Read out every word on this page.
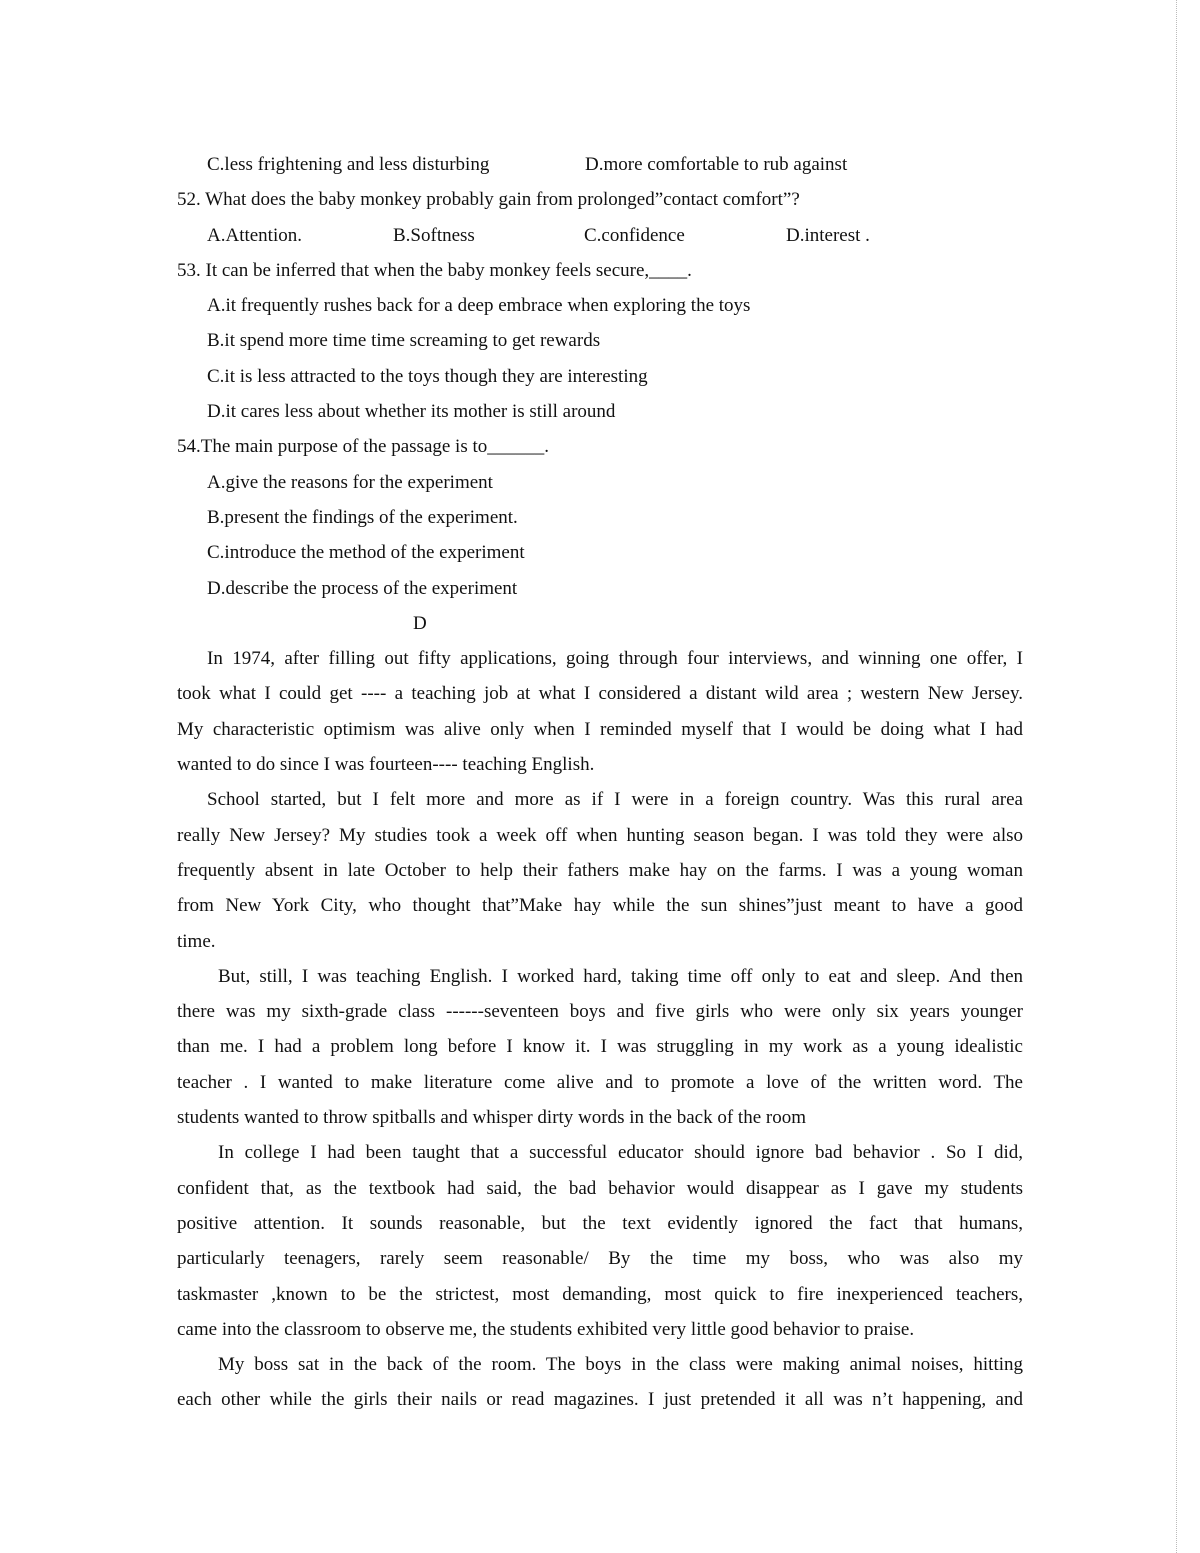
C.less frightening and less disturbing	D.more comfortable to rub against
52. What does the baby monkey probably gain from prolonged”contact comfort”?
A.Attention.	B.Softness	C.confidence	D.interest .
53. It can be inferred that when the baby monkey feels secure,____.
A.it frequently rushes back for a deep embrace when exploring the toys
B.it spend more time time screaming to get rewards
C.it is less attracted to the toys though they are interesting
D.it cares less about whether its mother is still around
54.The main purpose of the passage is to______.
A.give the reasons for the experiment
B.present the findings of the experiment.
C.introduce the method of the experiment
D.describe the process of the experiment
D
In 1974, after filling out fifty applications, going through four interviews, and winning one offer, I
took what I could get ---- a teaching job at what I considered a distant wild area ; western New Jersey.
My characteristic optimism was alive only when I reminded myself that I would be doing what I had
wanted to do since I was fourteen---- teaching English.
School started, but I felt more and more as if I were in a foreign country. Was this rural area
really New Jersey? My studies took a week off when hunting season began. I was told they were also
frequently absent in late October to help their fathers make hay on the farms. I was a young woman
from New York City, who thought that”Make hay while the sun shines”just meant to have a good
time.
But, still, I was teaching English. I worked hard, taking time off only to eat and sleep. And then
there was my sixth-grade class ------seventeen boys and five girls who were only six years younger
than me. I had a problem long before I know it. I was struggling in my work as a young idealistic
teacher . I wanted to make literature come alive and to promote a love of the written word. The
students wanted to throw spitballs and whisper dirty words in the back of the room
In college I had been taught that a successful educator should ignore bad behavior . So I did,
confident that, as the textbook had said, the bad behavior would disappear as I gave my students
positive attention. It sounds reasonable, but the text evidently ignored the fact that humans,
particularly teenagers, rarely seem reasonable/ By the time my boss, who was also my
taskmaster ,known to be the strictest, most demanding, most quick to fire inexperienced teachers,
came into the classroom to observe me, the students exhibited very little good behavior to praise.
My boss sat in the back of the room. The boys in the class were making animal noises, hitting
each other while the girls their nails or read magazines. I just pretended it all was n’t happening, and
